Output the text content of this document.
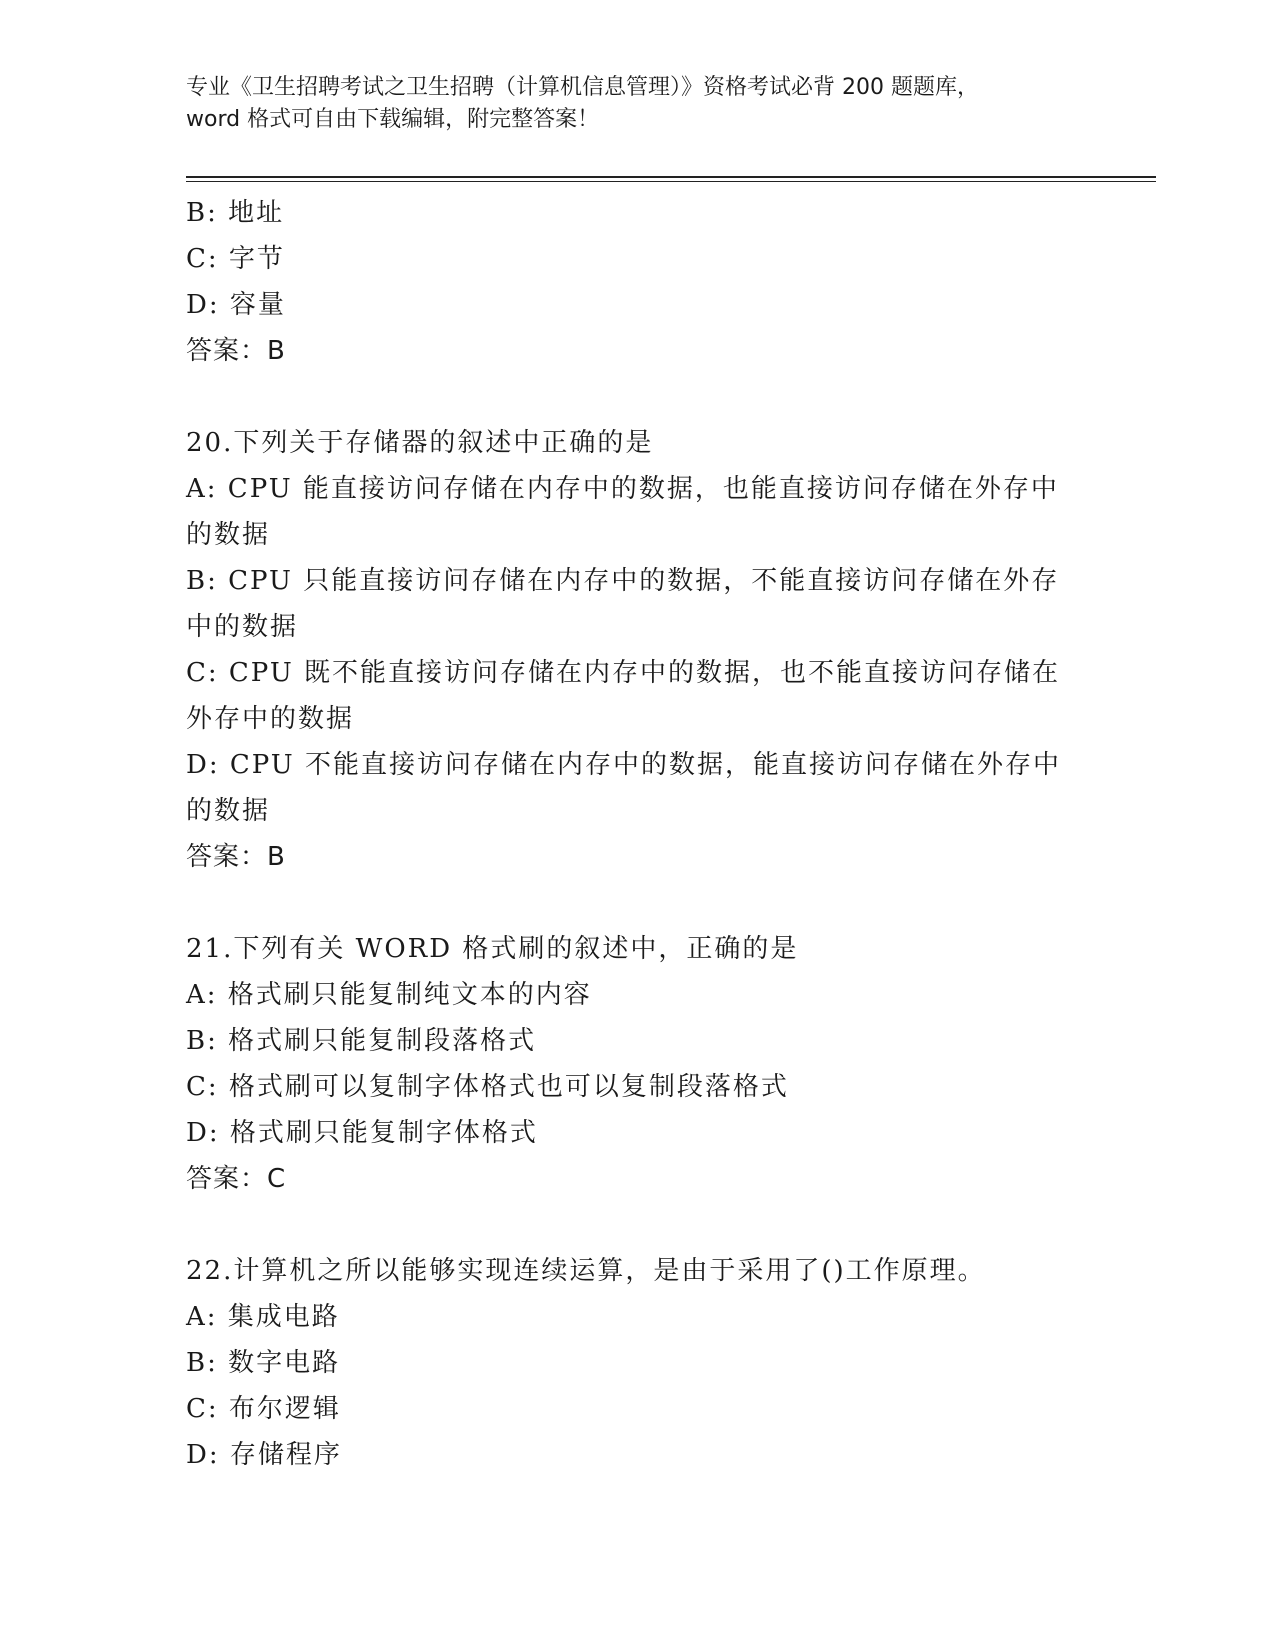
专业《卫生招聘考试之卫生招聘（计算机信息管理）》资格考试必背 200 题题库，
word 格式可自由下载编辑，附完整答案！

B: 地址

C: 字节

D: 容量

答案：B

20.下列关于存储器的叙述中正确的是

A: CPU 能直接访问存储在内存中的数据，也能直接访问存储在外存中的数据

B: CPU 只能直接访问存储在内存中的数据，不能直接访问存储在外存中的数据

C: CPU 既不能直接访问存储在内存中的数据，也不能直接访问存储在外存中的数据

D: CPU 不能直接访问存储在内存中的数据，能直接访问存储在外存中的数据

答案：B

21.下列有关 WORD 格式刷的叙述中，正确的是

A: 格式刷只能复制纯文本的内容

B: 格式刷只能复制段落格式

C: 格式刷可以复制字体格式也可以复制段落格式

D: 格式刷只能复制字体格式

答案：C

22.计算机之所以能够实现连续运算，是由于采用了()工作原理。

A: 集成电路

B: 数字电路

C: 布尔逻辑

D: 存储程序
